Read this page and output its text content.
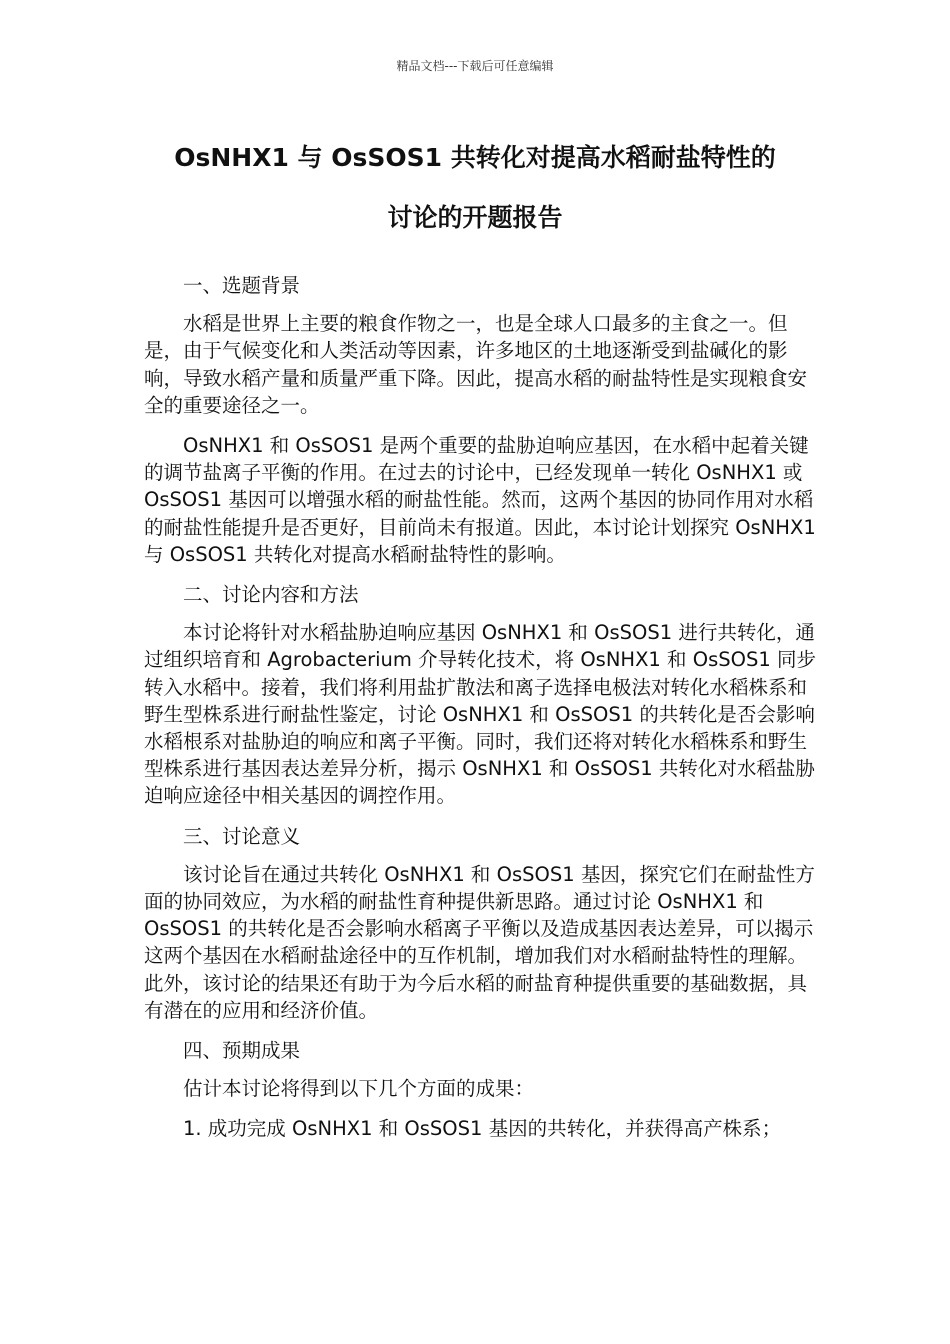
精品文档---下载后可任意编辑
OsNHX1 与 OsSOS1 共转化对提高水稻耐盐特性的
讨论的开题报告

一、选题背景

水稻是世界上主要的粮食作物之一，也是全球人口最多的主食之一。但是，由于气候变化和人类活动等因素，许多地区的土地逐渐受到盐碱化的影响，导致水稻产量和质量严重下降。因此，提高水稻的耐盐特性是实现粮食安全的重要途径之一。

OsNHX1 和 OsSOS1 是两个重要的盐胁迫响应基因，在水稻中起着关键的调节盐离子平衡的作用。在过去的讨论中，已经发现单一转化 OsNHX1 或 OsSOS1 基因可以增强水稻的耐盐性能。然而，这两个基因的协同作用对水稻的耐盐性能提升是否更好，目前尚未有报道。因此，本讨论计划探究 OsNHX1 与 OsSOS1 共转化对提高水稻耐盐特性的影响。

二、讨论内容和方法

本讨论将针对水稻盐胁迫响应基因 OsNHX1 和 OsSOS1 进行共转化，通过组织培育和 Agrobacterium 介导转化技术，将 OsNHX1 和 OsSOS1 同步转入水稻中。接着，我们将利用盐扩散法和离子选择电极法对转化水稻株系和野生型株系进行耐盐性鉴定，讨论 OsNHX1 和 OsSOS1 的共转化是否会影响水稻根系对盐胁迫的响应和离子平衡。同时，我们还将对转化水稻株系和野生型株系进行基因表达差异分析，揭示 OsNHX1 和 OsSOS1 共转化对水稻盐胁迫响应途径中相关基因的调控作用。

三、讨论意义

该讨论旨在通过共转化 OsNHX1 和 OsSOS1 基因，探究它们在耐盐性方面的协同效应，为水稻的耐盐性育种提供新思路。通过讨论 OsNHX1 和 OsSOS1 的共转化是否会影响水稻离子平衡以及造成基因表达差异，可以揭示这两个基因在水稻耐盐途径中的互作机制，增加我们对水稻耐盐特性的理解。此外，该讨论的结果还有助于为今后水稻的耐盐育种提供重要的基础数据，具有潜在的应用和经济价值。

四、预期成果

估计本讨论将得到以下几个方面的成果：

1. 成功完成 OsNHX1 和 OsSOS1 基因的共转化，并获得高产株系；
